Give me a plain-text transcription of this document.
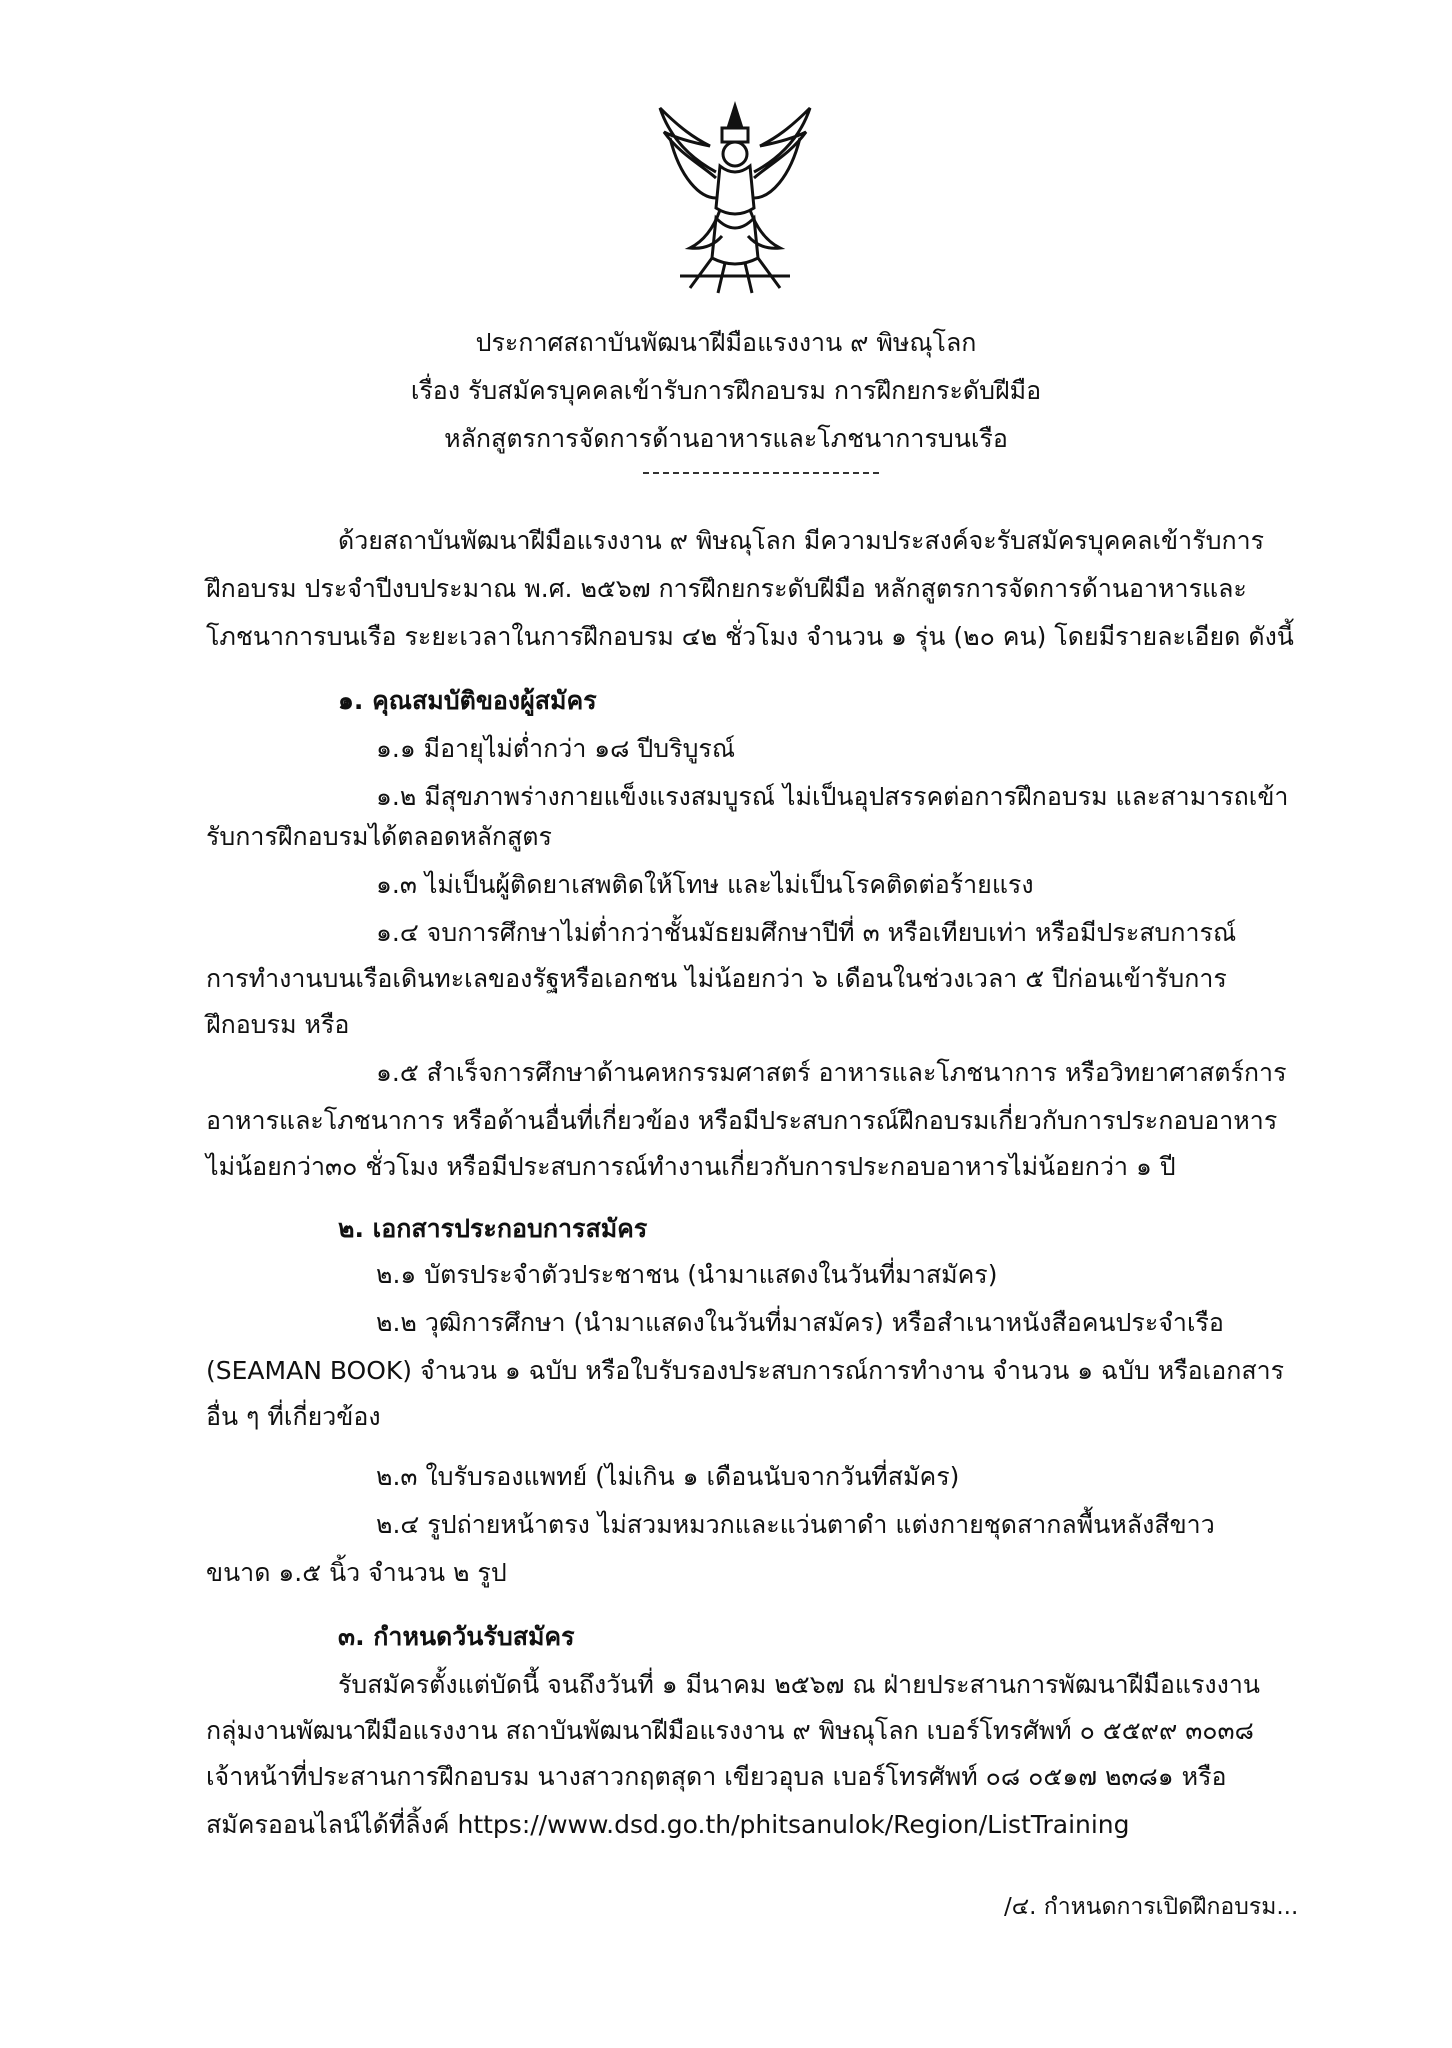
ประกาศสถาบันพัฒนาฝีมือแรงงาน ๙ พิษณุโลก
เรื่อง รับสมัครบุคคลเข้ารับการฝึกอบรม การฝึกยกระดับฝีมือ
หลักสูตรการจัดการด้านอาหารและโภชนาการบนเรือ
ด้วยสถาบันพัฒนาฝีมือแรงงาน ๙ พิษณุโลก มีความประสงค์จะรับสมัครบุคคลเข้ารับการ
ฝึกอบรม ประจำปีงบประมาณ พ.ศ. ๒๕๖๗ การฝึกยกระดับฝีมือ หลักสูตรการจัดการด้านอาหารและ
โภชนาการบนเรือ ระยะเวลาในการฝึกอบรม ๔๒ ชั่วโมง จำนวน ๑ รุ่น (๒๐ คน) โดยมีรายละเอียด ดังนี้
๑. คุณสมบัติของผู้สมัคร
๑.๑ มีอายุไม่ต่ำกว่า ๑๘ ปีบริบูรณ์
๑.๒ มีสุขภาพร่างกายแข็งแรงสมบูรณ์ ไม่เป็นอุปสรรคต่อการฝึกอบรม และสามารถเข้า
รับการฝึกอบรมได้ตลอดหลักสูตร
๑.๓ ไม่เป็นผู้ติดยาเสพติดให้โทษ และไม่เป็นโรคติดต่อร้ายแรง
๑.๔ จบการศึกษาไม่ต่ำกว่าชั้นมัธยมศึกษาปีที่ ๓ หรือเทียบเท่า หรือมีประสบการณ์
การทำงานบนเรือเดินทะเลของรัฐหรือเอกชน ไม่น้อยกว่า ๖ เดือนในช่วงเวลา ๕ ปีก่อนเข้ารับการ
ฝึกอบรม หรือ
๑.๕ สำเร็จการศึกษาด้านคหกรรมศาสตร์ อาหารและโภชนาการ หรือวิทยาศาสตร์การ
อาหารและโภชนาการ หรือด้านอื่นที่เกี่ยวข้อง หรือมีประสบการณ์ฝึกอบรมเกี่ยวกับการประกอบอาหาร
ไม่น้อยกว่า๓๐ ชั่วโมง หรือมีประสบการณ์ทำงานเกี่ยวกับการประกอบอาหารไม่น้อยกว่า ๑ ปี
๒. เอกสารประกอบการสมัคร
๒.๑ บัตรประจำตัวประชาชน (นำมาแสดงในวันที่มาสมัคร)
๒.๒ วุฒิการศึกษา (นำมาแสดงในวันที่มาสมัคร) หรือสำเนาหนังสือคนประจำเรือ
(SEAMAN BOOK) จำนวน ๑ ฉบับ หรือใบรับรองประสบการณ์การทำงาน จำนวน ๑ ฉบับ หรือเอกสาร
อื่น ๆ ที่เกี่ยวข้อง
๒.๓ ใบรับรองแพทย์ (ไม่เกิน ๑ เดือนนับจากวันที่สมัคร)
๒.๔ รูปถ่ายหน้าตรง ไม่สวมหมวกและแว่นตาดำ แต่งกายชุดสากลพื้นหลังสีขาว
ขนาด ๑.๕ นิ้ว จำนวน ๒ รูป
๓. กำหนดวันรับสมัคร
รับสมัครตั้งแต่บัดนี้ จนถึงวันที่ ๑ มีนาคม ๒๕๖๗ ณ ฝ่ายประสานการพัฒนาฝีมือแรงงาน
กลุ่มงานพัฒนาฝีมือแรงงาน สถาบันพัฒนาฝีมือแรงงาน ๙ พิษณุโลก เบอร์โทรศัพท์ ๐ ๕๕๙๙ ๓๐๓๘
เจ้าหน้าที่ประสานการฝึกอบรม นางสาวกฤตสุดา เขียวอุบล เบอร์โทรศัพท์ ๐๘ ๐๕๑๗ ๒๓๘๑ หรือ
สมัครออนไลน์ได้ที่ลิ้งค์ https://www.dsd.go.th/phitsanulok/Region/ListTraining
/๔. กำหนดการเปิดฝึกอบรม...
